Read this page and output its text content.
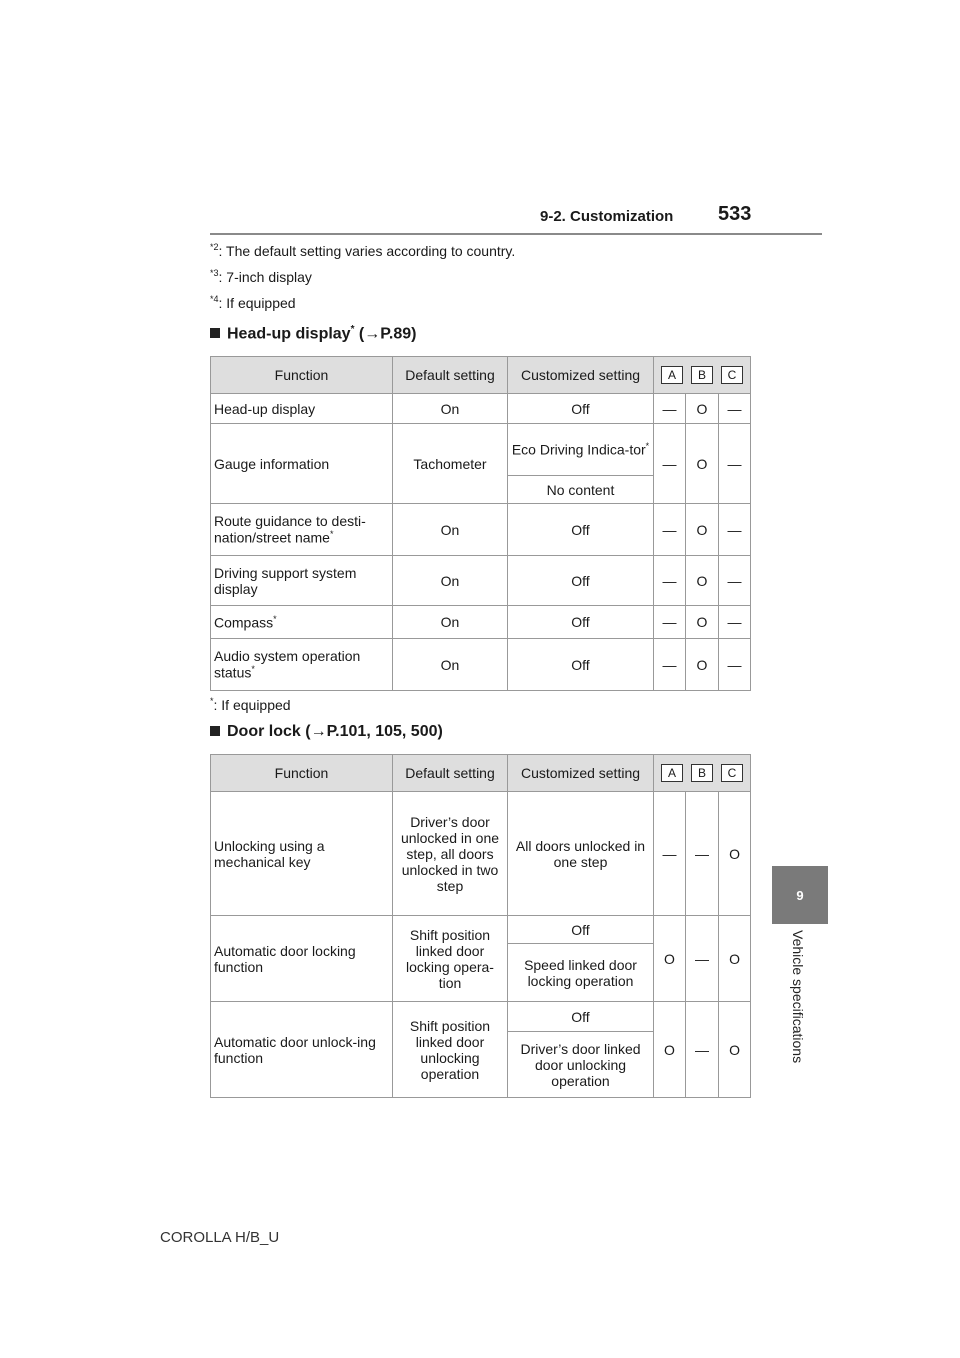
9-2. Customization 533
9
Vehicle specifications
$^{*2}$: The default setting varies according to country.
$^{*3}$: 7-inch display
$^{*4}$: If equipped
Head-up display* (→P.89)
Function	Default setting	Customized setting	A B C		

Head-up display	On	Off	—	O	—
Gauge information	Tachometer	Eco Driving Indica-tor*	—	O	—
		No content			
Route guidance to desti-nation/street name*	On	Off	—	O	—
Driving support system display	On	Off	—	O	—
Compass*	On	Off	—	O	—
Audio system operation status*	On	Off	—	O	—
*: If equipped
Door lock (→P.101, 105, 500)
Function	Default setting	Customized setting	A B C		

Unlocking using a mechanical key	Driver’s door unlocked in one step, all doors unlocked in two step	All doors unlocked in one step	—	—	O
Automatic door locking function	Shift position linked door locking opera-tion	Off	O	—	O
		Speed linked door locking operation			
Automatic door unlock-ing function	Shift position linked door unlocking operation	Off	O	—	O
		Driver’s door linked door unlocking operation			
COROLLA H/B_U
